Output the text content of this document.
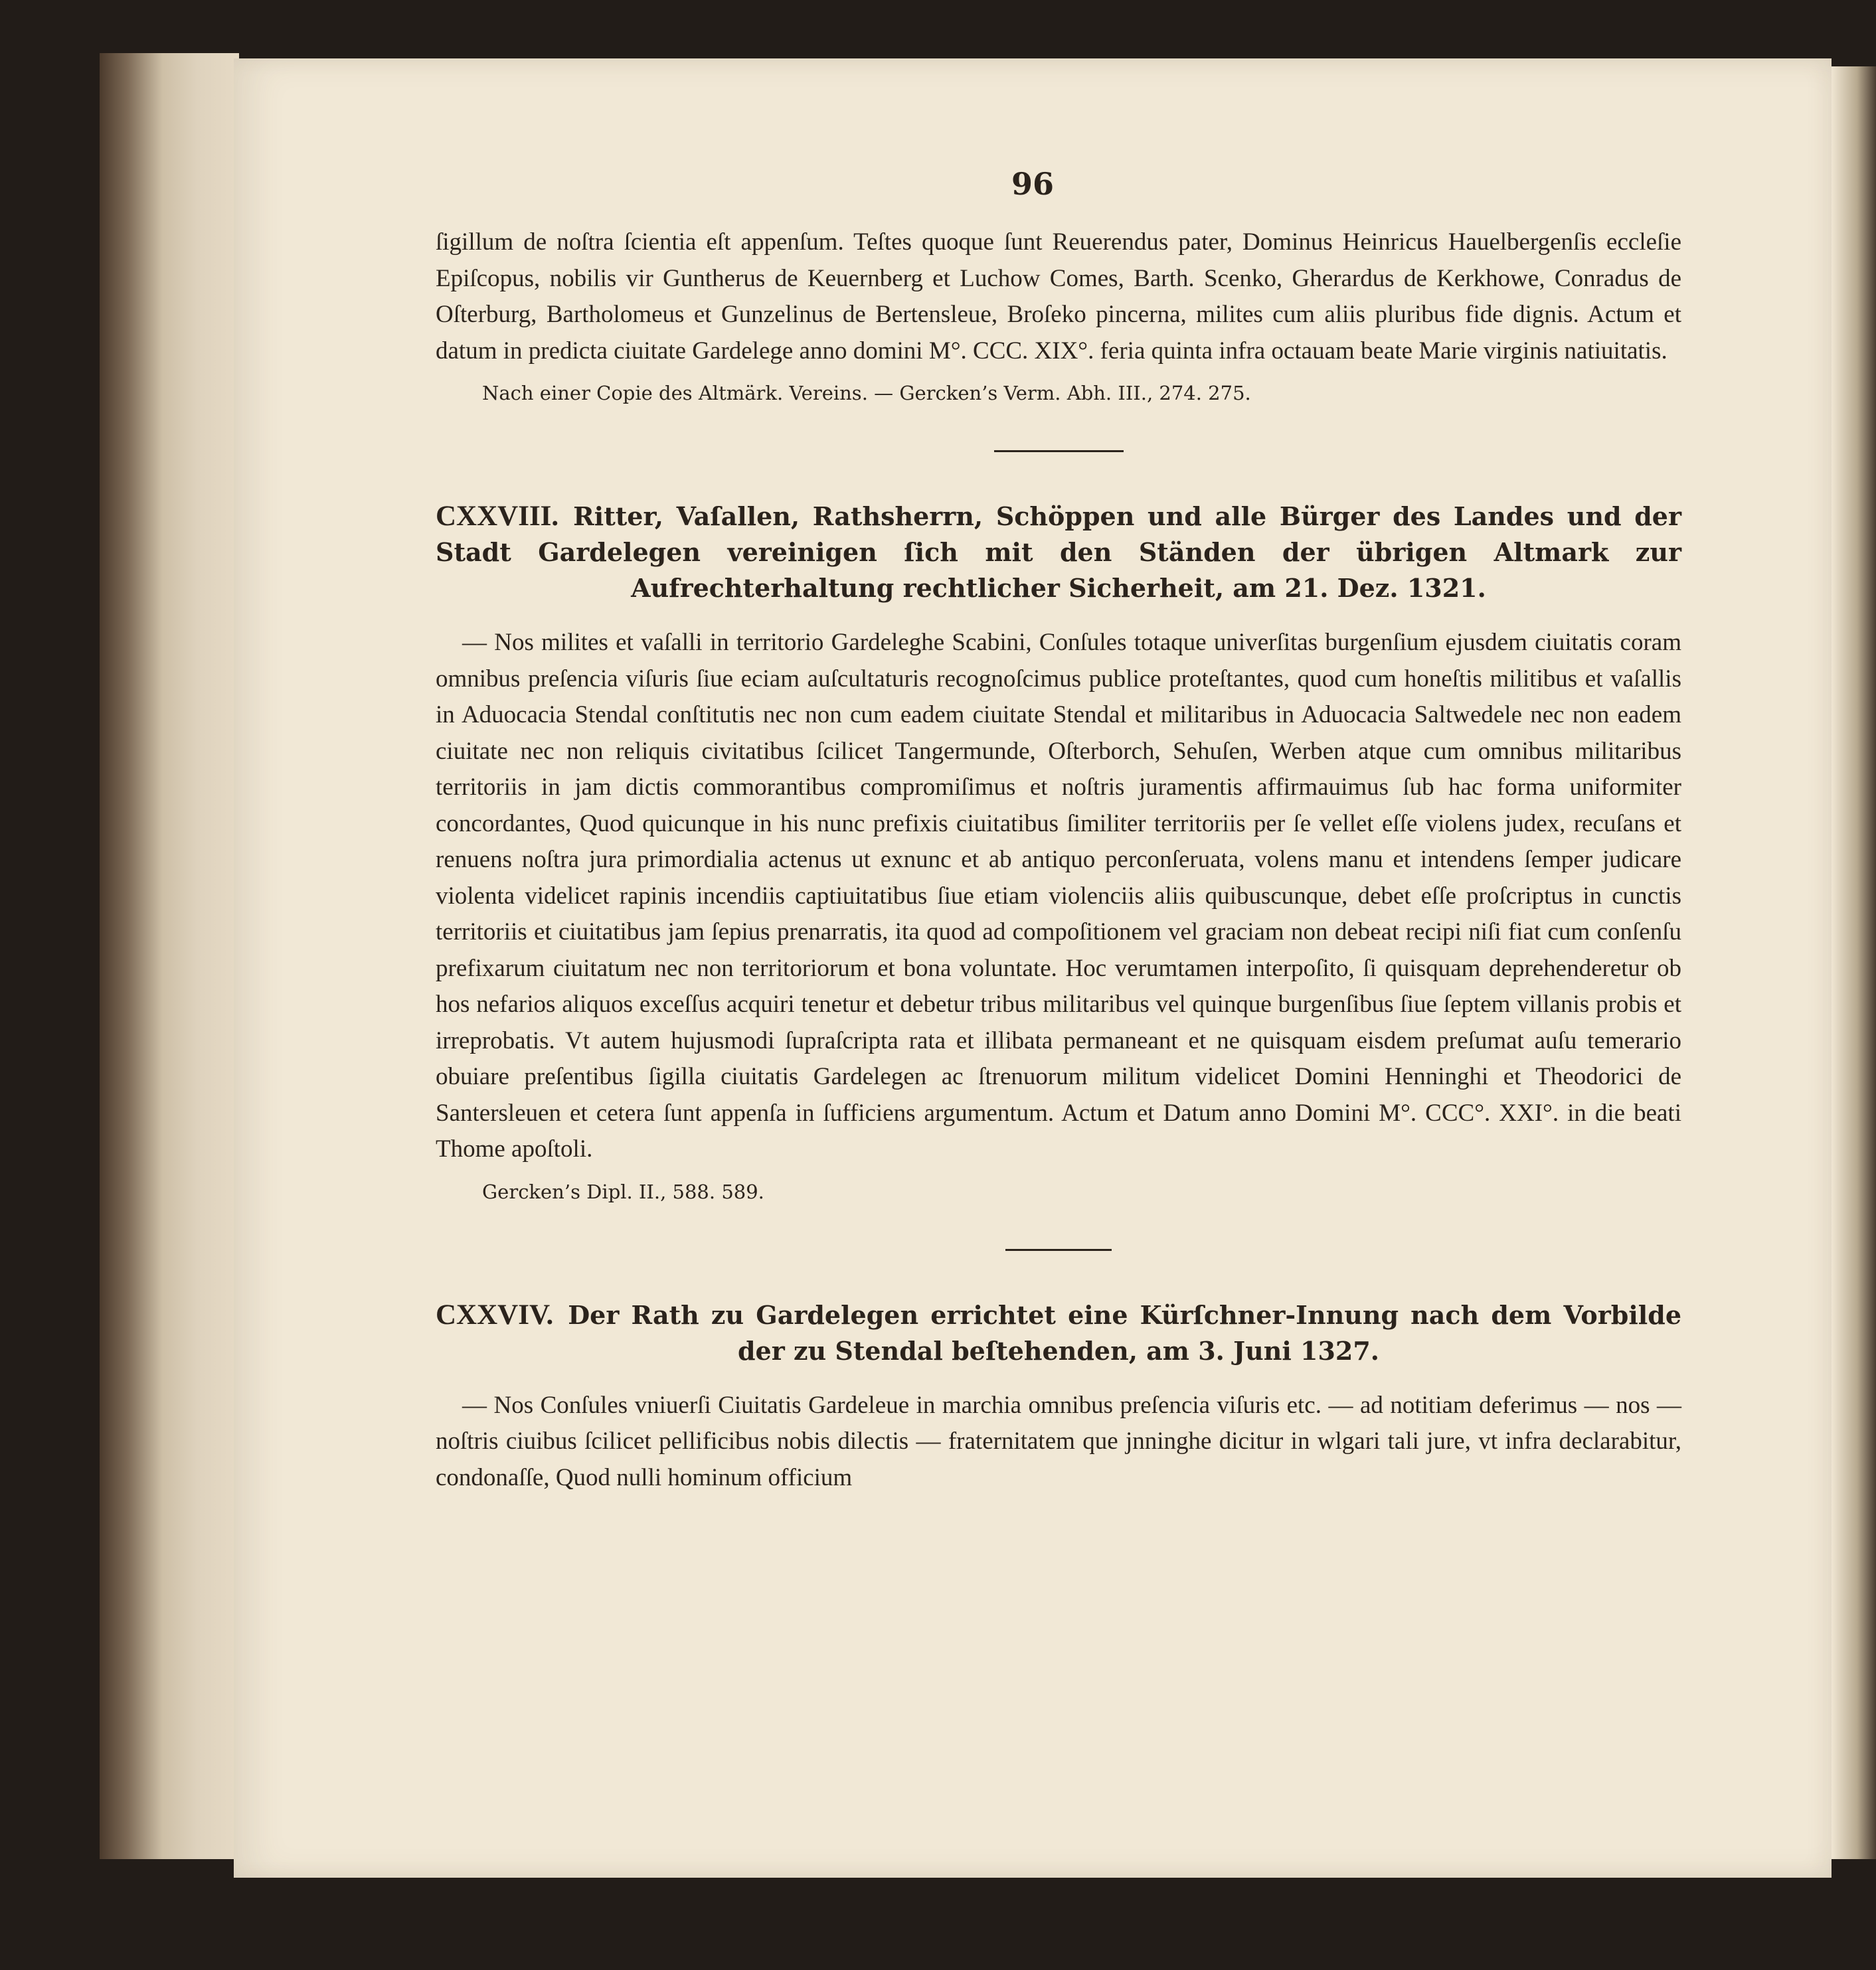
96

ſigillum de noſtra ſcientia eſt appenſum. Teſtes quoque ſunt Reuerendus pater, Dominus Heinricus Hauelbergenſis eccleſie Epiſcopus, nobilis vir Guntherus de Keuernberg et Luchow Comes, Barth. Scenko, Gherardus de Kerkhowe, Conradus de Oſterburg, Bartholomeus et Gunzelinus de Bertensleue, Broſeko pincerna, milites cum aliis pluribus fide dignis. Actum et datum in predicta ciuitate Gardelege anno domini M°. CCC. XIX°. feria quinta infra octauam beate Marie virginis natiuitatis.

Nach einer Copie des Altmärk. Vereins. — Gercken’s Verm. Abh. III., 274. 275.

CXXVIII. Ritter, Vaſallen, Rathsherrn, Schöppen und alle Bürger des Landes und der Stadt Gardelegen vereinigen ſich mit den Ständen der übrigen Altmark zur Aufrechterhaltung rechtlicher Sicherheit, am 21. Dez. 1321.

— Nos milites et vaſalli in territorio Gardeleghe Scabini, Conſules totaque univerſitas burgenſium ejusdem ciuitatis coram omnibus preſencia viſuris ſiue eciam auſcultaturis recognoſcimus publice proteſtantes, quod cum honeſtis militibus et vaſallis in Aduocacia Stendal conſtitutis nec non cum eadem ciuitate Stendal et militaribus in Aduocacia Saltwedele nec non eadem ciuitate nec non reliquis civitatibus ſcilicet Tangermunde, Oſterborch, Sehuſen, Werben atque cum omnibus militaribus territoriis in jam dictis commorantibus compromiſimus et noſtris juramentis affirmauimus ſub hac forma uniformiter concordantes, Quod quicunque in his nunc prefixis ciuitatibus ſimiliter territoriis per ſe vellet eſſe violens judex, recuſans et renuens noſtra jura primordialia actenus ut exnunc et ab antiquo perconſeruata, volens manu et intendens ſemper judicare violenta videlicet rapinis incendiis captiuitatibus ſiue etiam violenciis aliis quibuscunque, debet eſſe proſcriptus in cunctis territoriis et ciuitatibus jam ſepius prenarratis, ita quod ad compoſitionem vel graciam non debeat recipi niſi fiat cum conſenſu prefixarum ciuitatum nec non territoriorum et bona voluntate. Hoc verumtamen interpoſito, ſi quisquam deprehenderetur ob hos nefarios aliquos exceſſus acquiri tenetur et debetur tribus militaribus vel quinque burgenſibus ſiue ſeptem villanis probis et irreprobatis. Vt autem hujusmodi ſupraſcripta rata et illibata permaneant et ne quisquam eisdem preſumat auſu temerario obuiare preſentibus ſigilla ciuitatis Gardelegen ac ſtrenuorum militum videlicet Domini Henninghi et Theodorici de Santersleuen et cetera ſunt appenſa in ſufficiens argumentum. Actum et Datum anno Domini M°. CCC°. XXI°. in die beati Thome apoſtoli.

Gercken’s Dipl. II., 588. 589.

CXXVIV. Der Rath zu Gardelegen errichtet eine Kürſchner-Innung nach dem Vorbilde der zu Stendal beſtehenden, am 3. Juni 1327.

— Nos Conſules vniuerſi Ciuitatis Gardeleue in marchia omnibus preſencia viſuris etc. — ad notitiam deferimus — nos — noſtris ciuibus ſcilicet pellificibus nobis dilectis — fraternitatem que jnninghe dicitur in wlgari tali jure, vt infra declarabitur, condonaſſe, Quod nulli hominum officium
